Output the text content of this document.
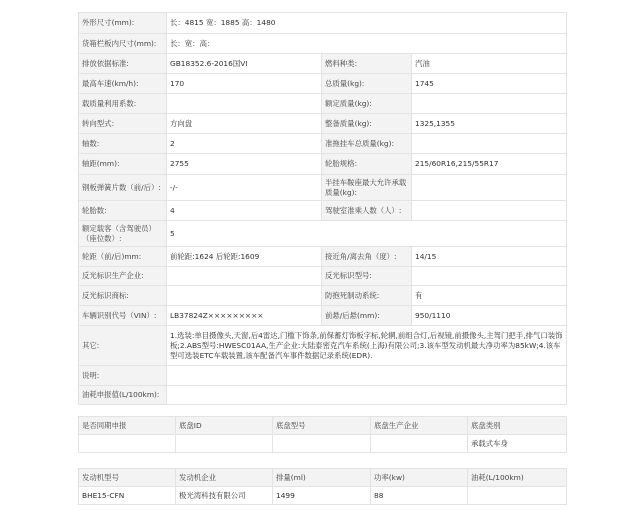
外形尺寸(mm):	长：4815 宽：1885 高：1480		
货箱栏板内尺寸(mm):	长：宽：高：		
排放依据标准:	GB18352.6-2016国VI	燃料种类:	汽油
最高车速(km/h):	170	总质量(kg):	1745
载质量利用系数:		额定质量(kg):	
转向型式:	方向盘	整备质量(kg):	1325,1355
轴数:	2	准拖挂车总质量(kg):	
轴距(mm):	2755	轮胎规格:	215/60R16,215/55R17
钢板弹簧片数（前/后）:	-/-	半挂车鞍座最大允许承载质量(kg):	
轮胎数:	4	驾驶室准乘人数（人）:	
额定载客（含驾驶员）（座位数）:	5		
轮距（前/后)mm:	前轮距:1624 后轮距:1609	接近角/离去角（度）:	14/15
反光标识生产企业:		反光标识型号:	
反光标识商标:		防抱死制动系统:	有
车辆识别代号（VIN）:	LB37824Z×××××××××	前悬/后悬(mm):	950/1110
其它:	1.选装:单目摄像头,天窗,后4雷达,门槛下饰条,前保蓄灯饰板字标,轮辋,前组合灯,后视镜,前摄像头,主驾门把手,排气口装饰板;2.ABS型号:HWESC01AA,生产企业:大陆泰密克汽车系统(上海)有限公司;3.该车型发动机最大净功率为85kW;4.该车型可选装ETC车载装置,该车配备汽车事件数据记录系统(EDR).		
说明:			
油耗申报值(L/100km):			
是否同期申报	底盘ID	底盘型号	底盘生产企业	底盘类别
				承载式车身
发动机型号	发动机企业	排量(ml)	功率(kw)	油耗(L/100km)
BHE15-CFN	极光湾科技有限公司	1499	88	
